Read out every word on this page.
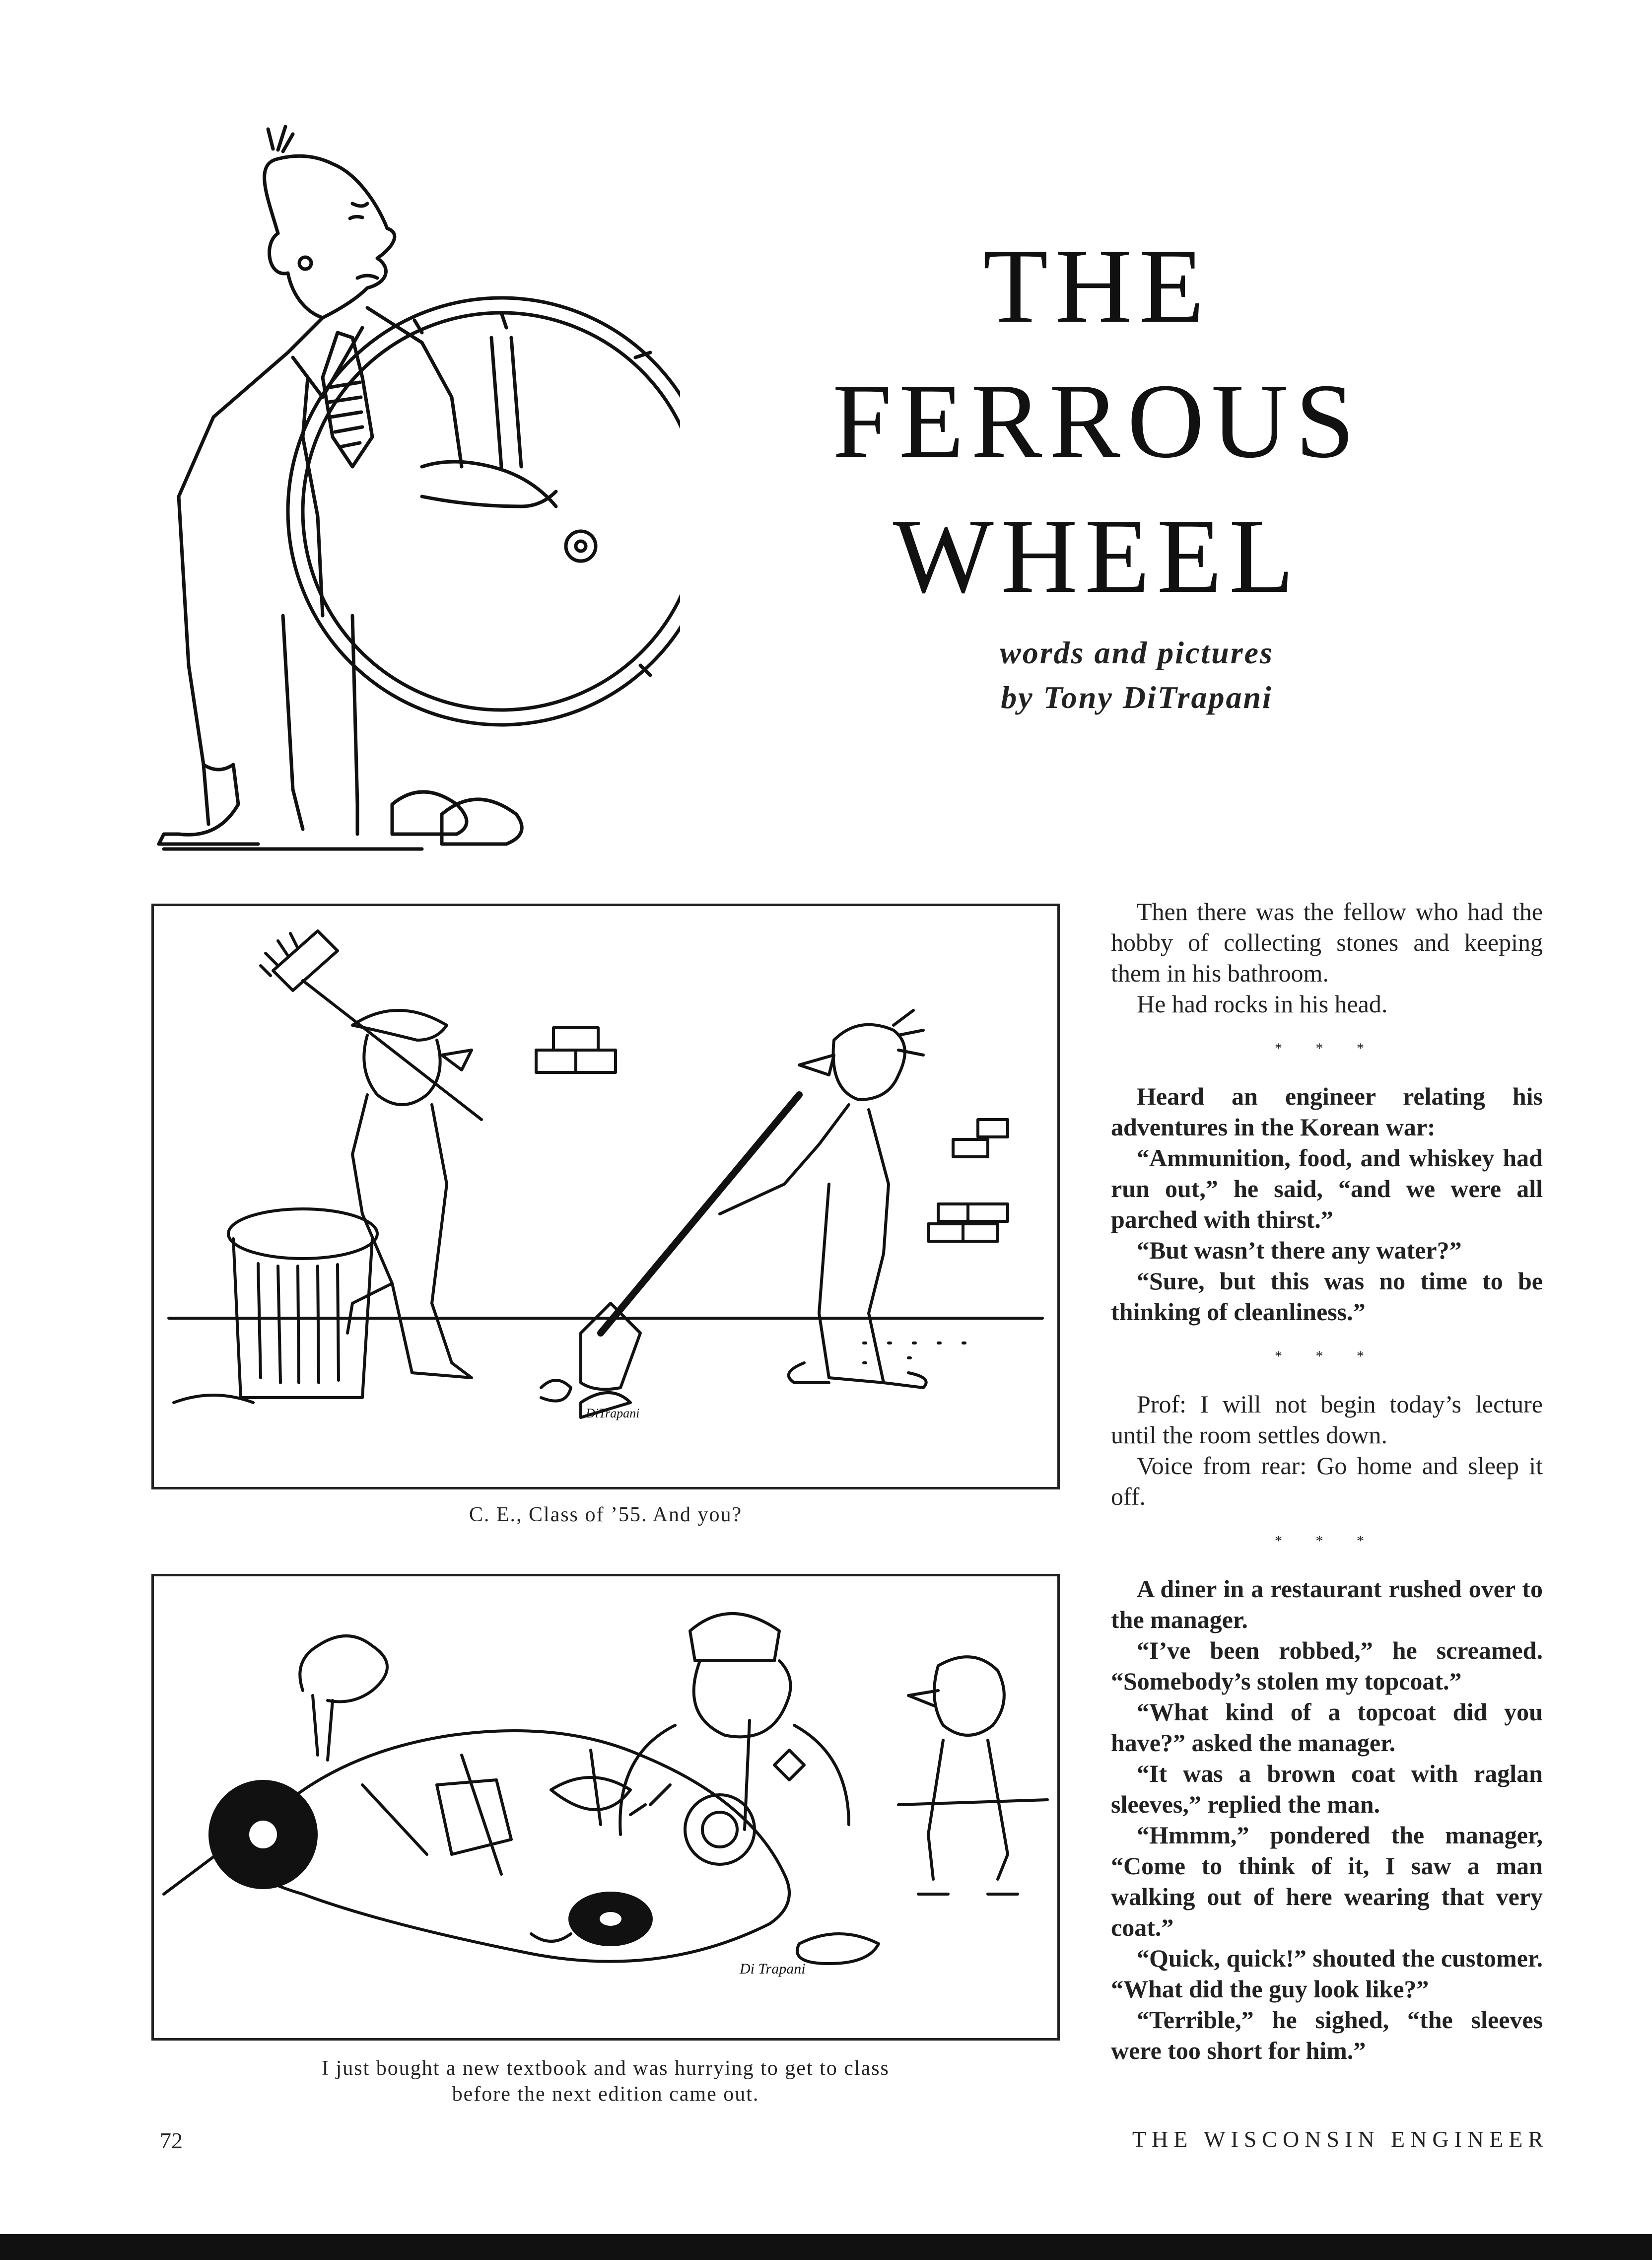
THE
FERROUS
WHEEL
words and pictures
by Tony DiTrapani
DiTrapani
C. E., Class of ’55. And you?
Di Trapani
I just bought a new textbook and was hurrying to get to class
before the next edition came out.

Then there was the fellow who had the hobby of collecting stones and keeping them in his bathroom.

He had rocks in his head.

* * *

Heard an engineer relating his adventures in the Korean war:

“Ammunition, food, and whiskey had run out,” he said, “and we were all parched with thirst.”

“But wasn’t there any water?”

“Sure, but this was no time to be thinking of cleanliness.”

* * *

Prof: I will not begin today’s lecture until the room settles down.

Voice from rear: Go home and sleep it off.

* * *

A diner in a restaurant rushed over to the manager.

“I’ve been robbed,” he screamed. “Somebody’s stolen my topcoat.”

“What kind of a topcoat did you have?” asked the manager.

“It was a brown coat with raglan sleeves,” replied the man.

“Hmmm,” pondered the manager, “Come to think of it, I saw a man walking out of here wearing that very coat.”

“Quick, quick!” shouted the customer. “What did the guy look like?”

“Terrible,” he sighed, “the sleeves were too short for him.”

72	THE WISCONSIN ENGINEER
